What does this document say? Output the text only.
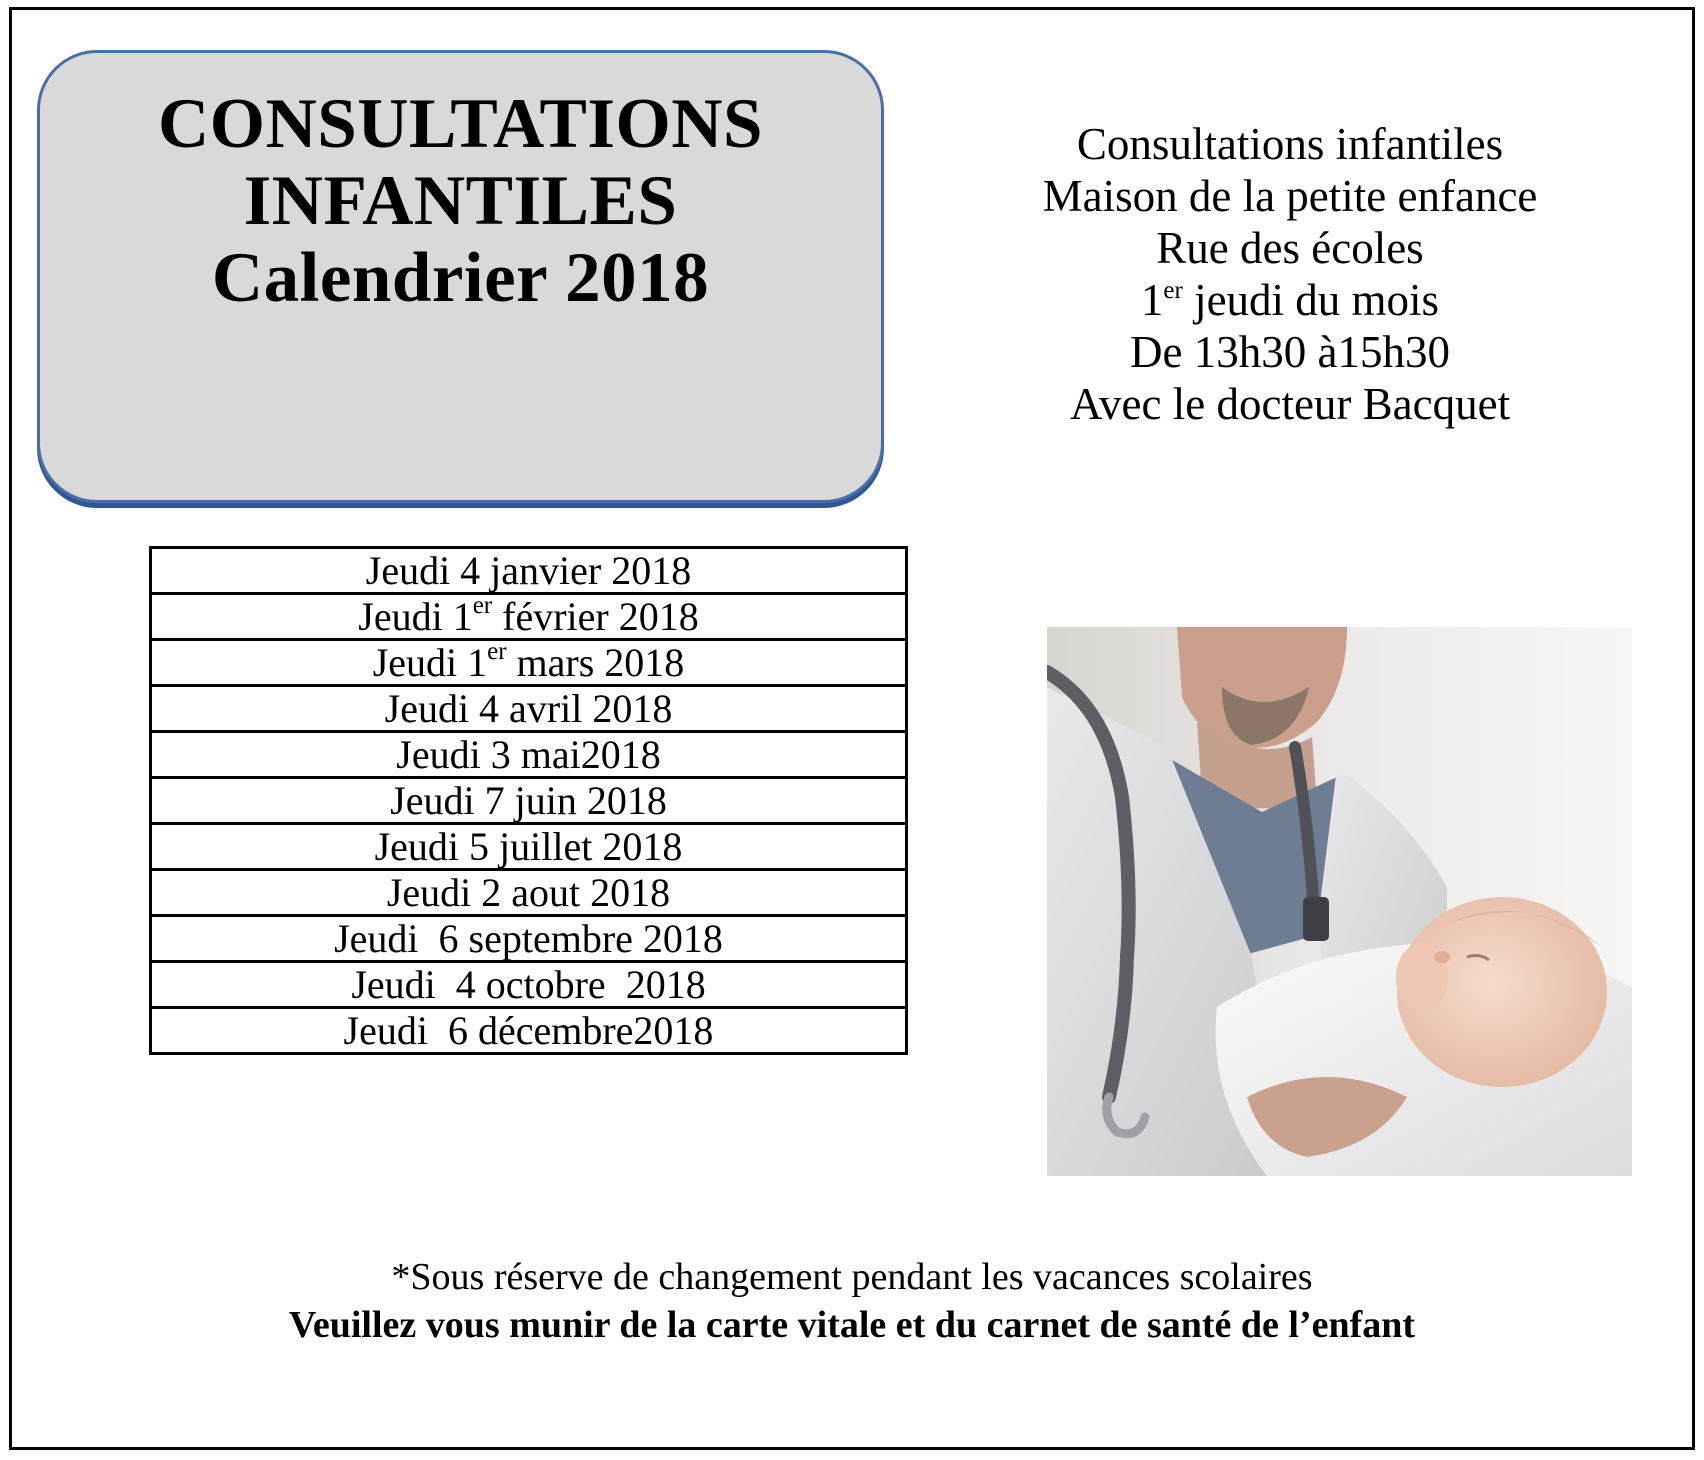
CONSULTATIONS
INFANTILES
Calendrier 2018
Consultations infantiles
Maison de la petite enfance
Rue des écoles
1er jeudi du mois
De 13h30 à15h30
Avec le docteur Bacquet
Jeudi 4 janvier 2018
Jeudi 1er février 2018
Jeudi 1er mars 2018
Jeudi 4 avril 2018
Jeudi 3 mai2018
Jeudi 7 juin 2018
Jeudi 5 juillet 2018
Jeudi 2 aout 2018
Jeudi  6 septembre 2018
Jeudi  4 octobre  2018
Jeudi  6 décembre2018
*Sous réserve de changement pendant les vacances scolaires
Veuillez vous munir de la carte vitale et du carnet de santé de l’enfant
